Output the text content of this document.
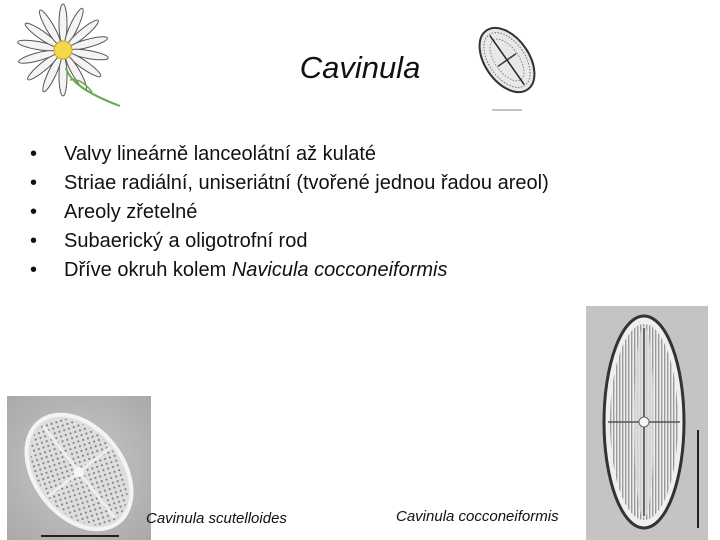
Cavinula
• Valvy lineárně lanceolátní až kulaté
• Striae radiální, uniseriátní (tvořené jednou řadou areol)
• Areoly zřetelné
• Subaerický a oligotrofní rod
• Dříve okruh kolem Navicula cocconeiformis
Cavinula scutelloides	Cavinula cocconeiformis
